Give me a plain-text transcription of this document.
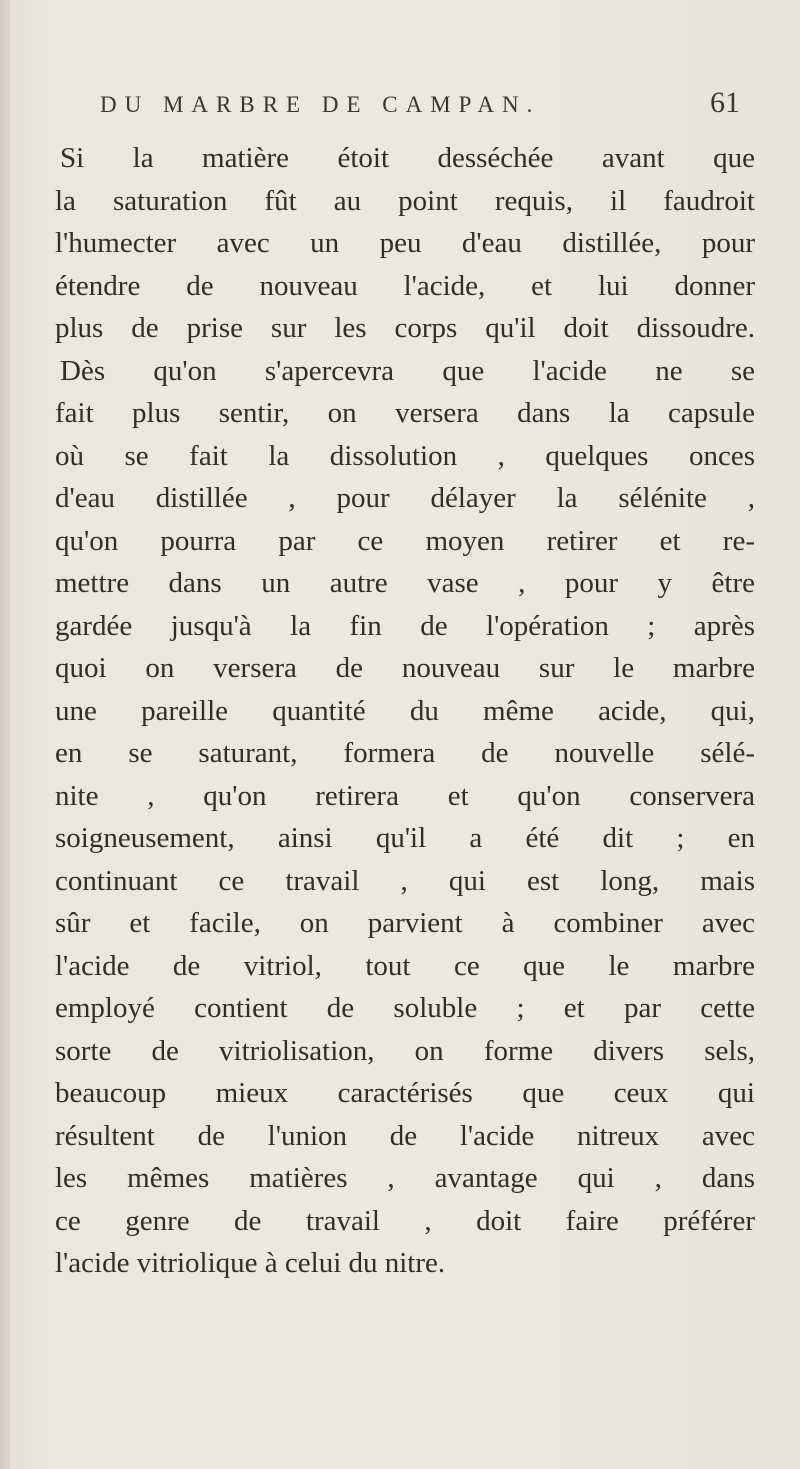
DU MARBRE DE CAMPAN.	61
Si la matière étoit desséchée avant que
la saturation fût au point requis, il faudroit
l'humecter avec un peu d'eau distillée, pour
étendre de nouveau l'acide, et lui donner
plus de prise sur les corps qu'il doit dissoudre.
Dès qu'on s'apercevra que l'acide ne se
fait plus sentir, on versera dans la capsule
où se fait la dissolution , quelques onces
d'eau distillée , pour délayer la sélénite ,
qu'on pourra par ce moyen retirer et re-
mettre dans un autre vase , pour y être
gardée jusqu'à la fin de l'opération ; après
quoi on versera de nouveau sur le marbre
une pareille quantité du même acide, qui,
en se saturant, formera de nouvelle sélé-
nite , qu'on retirera et qu'on conservera
soigneusement, ainsi qu'il a été dit ; en
continuant ce travail , qui est long, mais
sûr et facile, on parvient à combiner avec
l'acide de vitriol, tout ce que le marbre
employé contient de soluble ; et par cette
sorte de vitriolisation, on forme divers sels,
beaucoup mieux caractérisés que ceux qui
résultent de l'union de l'acide nitreux avec
les mêmes matières , avantage qui , dans
ce genre de travail , doit faire préférer
l'acide vitriolique à celui du nitre.
